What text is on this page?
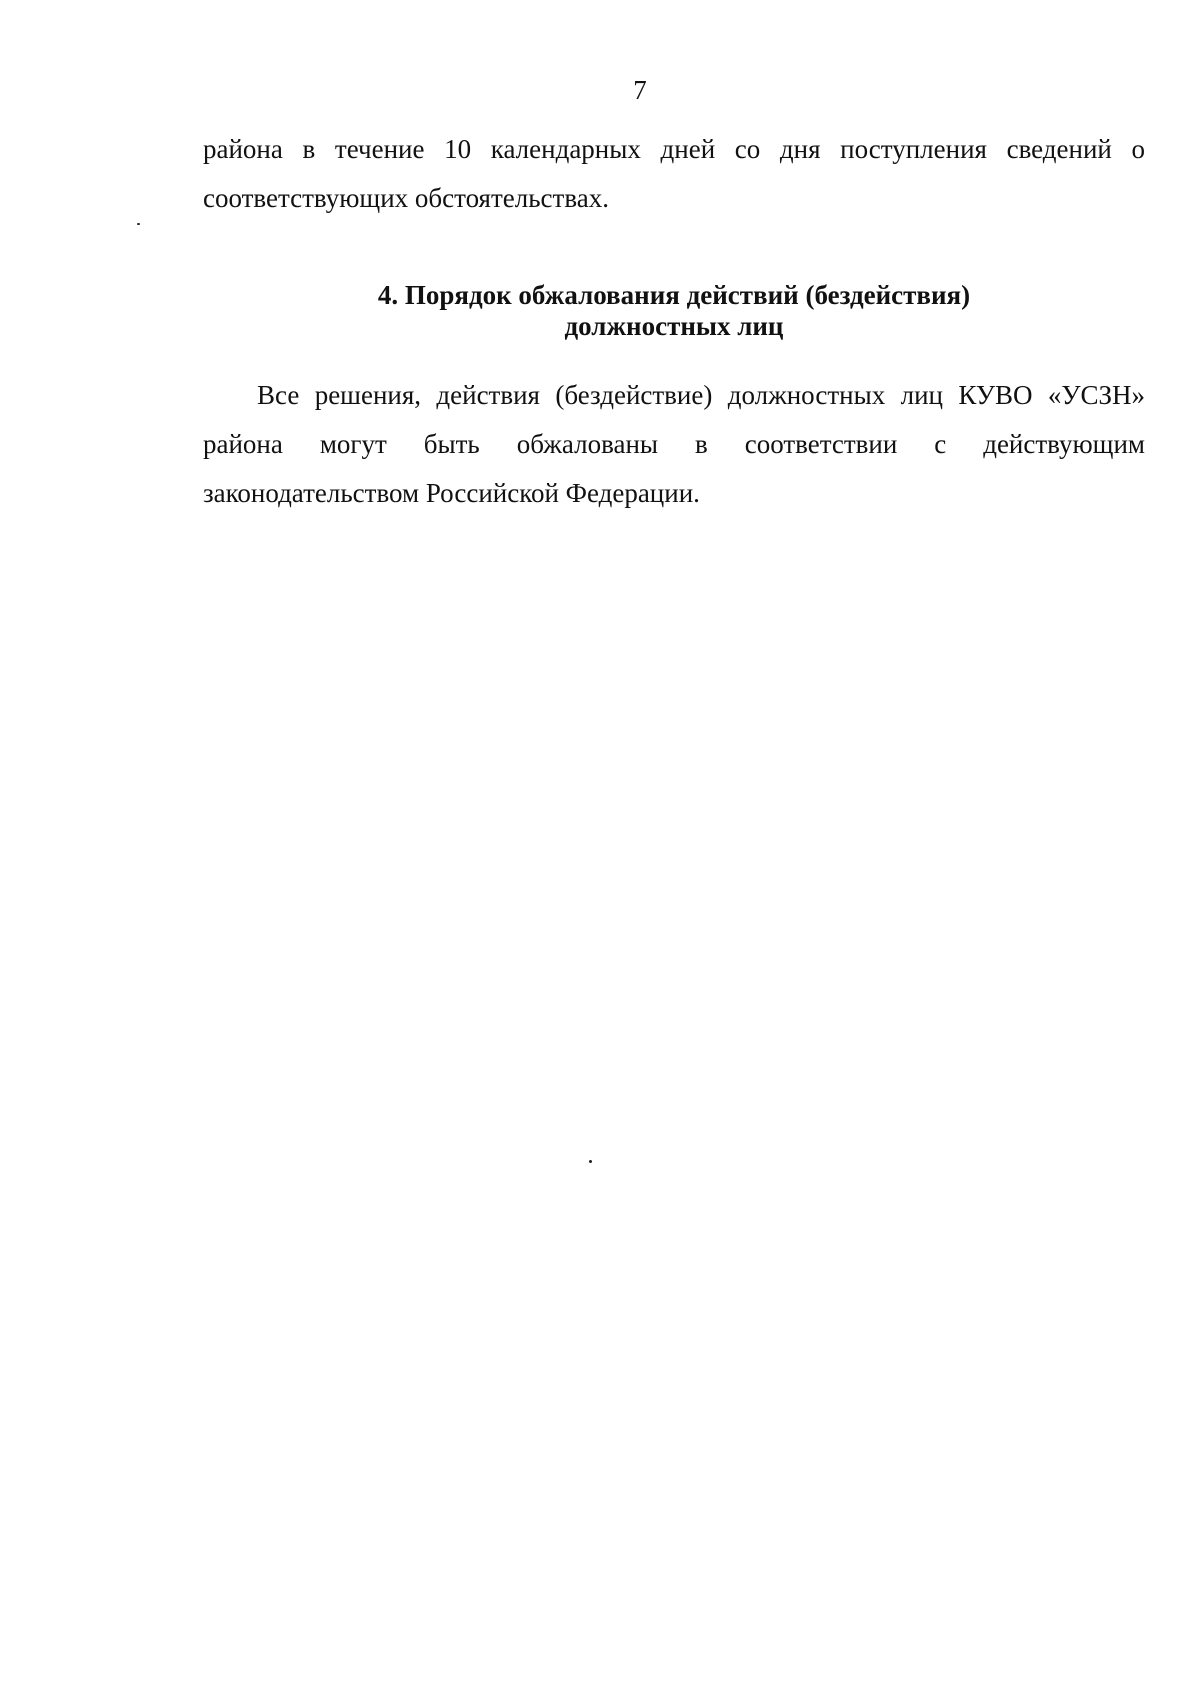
7

района в течение 10 календарных дней со дня поступления сведений о соответствующих обстоятельствах.

4. Порядок обжалования действий (бездействия)
должностных лиц

Все решения, действия (бездействие) должностных лиц КУВО «УСЗН» района могут быть обжалованы в соответствии с действующим законодательством Российской Федерации.
